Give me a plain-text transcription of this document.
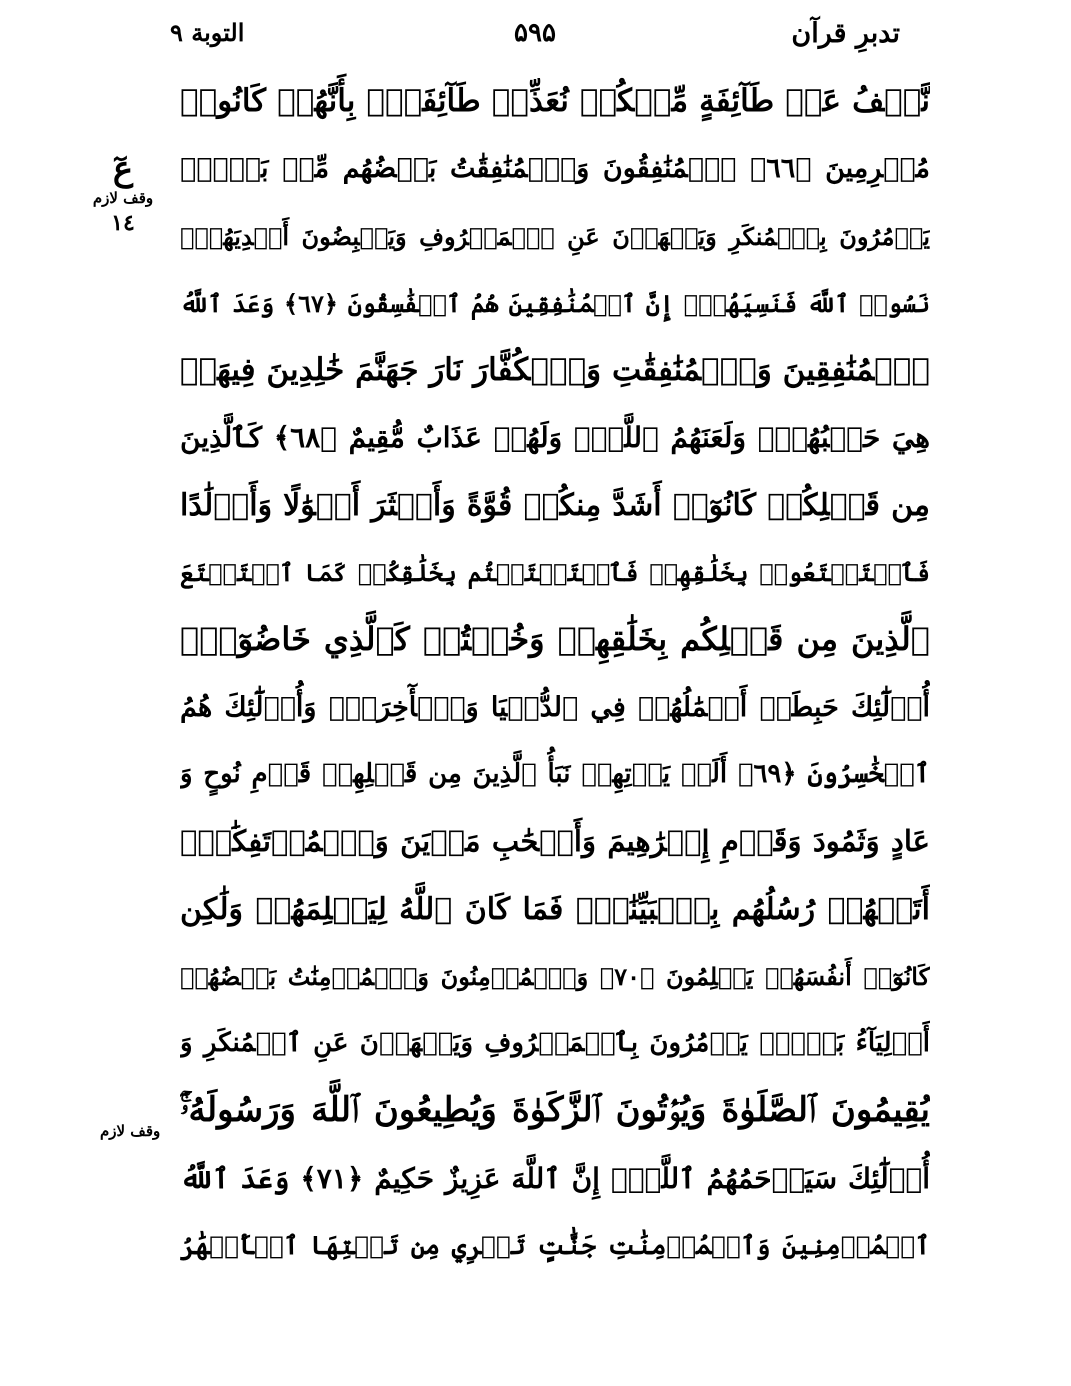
تدبرِ قرآن
۵۹۵
التوبة ٩
عٓ
وقف لازم
١٤
وقف لازم
نَّعۡفُ عَنۡ طَآئِفَةٍ مِّنۡكُمۡ نُعَذِّبۡ طَآئِفَةًۢ بِأَنَّهُمۡ كَانُوا۟
مُجۡرِمِينَ ﴿٦٦﴾ ٱلۡمُنَٰفِقُونَ وَٱلۡمُنَٰفِقَٰتُ بَعۡضُهُم مِّنۢ بَعۡضٍۚ
يَأۡمُرُونَ بِٱلۡمُنكَرِ وَيَنۡهَوۡنَ عَنِ ٱلۡمَعۡرُوفِ وَيَقۡبِضُونَ أَيۡدِيَهُمۡۚ
نَسُوا۟ ٱللَّهَ فَنَسِيَهُمۡۚ إِنَّ ٱلۡمُنَٰفِقِينَ هُمُ ٱلۡفَٰسِقُونَ ﴿٦٧﴾ وَعَدَ ٱللَّهُ
ٱلۡمُنَٰفِقِينَ وَٱلۡمُنَٰفِقَٰتِ وَٱلۡكُفَّارَ نَارَ جَهَنَّمَ خَٰلِدِينَ فِيهَاۚ
هِيَ حَسۡبُهُمۡۚ وَلَعَنَهُمُ ٱللَّهُۖ وَلَهُمۡ عَذَابٌ مُّقِيمٌ ﴿٦٨﴾ كَٱلَّذِينَ
مِن قَبۡلِكُمۡ كَانُوٓا۟ أَشَدَّ مِنكُمۡ قُوَّةً وَأَكۡثَرَ أَمۡوَٰلًا وَأَوۡلَٰدًا
فَٱسۡتَمۡتَعُوا۟ بِخَلَٰقِهِمۡ فَٱسۡتَمۡتَعۡتُم بِخَلَٰقِكُمۡ كَمَا ٱسۡتَمۡتَعَ
ٱلَّذِينَ مِن قَبۡلِكُم بِخَلَٰقِهِمۡ وَخُضۡتُمۡ كَٱلَّذِي خَاضُوٓا۟ۚ
أُو۟لَٰٓئِكَ حَبِطَتۡ أَعۡمَٰلُهُمۡ فِي ٱلدُّنۡيَا وَٱلۡأٓخِرَةِۖ وَأُو۟لَٰٓئِكَ هُمُ
ٱلۡخَٰسِرُونَ ﴿٦٩﴾ أَلَمۡ يَأۡتِهِمۡ نَبَأُ ٱلَّذِينَ مِن قَبۡلِهِمۡ قَوۡمِ نُوحٍ وَ
عَادٍ وَثَمُودَ وَقَوۡمِ إِبۡرَٰهِيمَ وَأَصۡحَٰبِ مَدۡيَنَ وَٱلۡمُؤۡتَفِكَٰتِۚ
أَتَتۡهُمۡ رُسُلُهُم بِٱلۡبَيِّنَٰتِۖ فَمَا كَانَ ٱللَّهُ لِيَظۡلِمَهُمۡ وَلَٰكِن
كَانُوٓا۟ أَنفُسَهُمۡ يَظۡلِمُونَ ﴿٧٠﴾ وَٱلۡمُؤۡمِنُونَ وَٱلۡمُؤۡمِنَٰتُ بَعۡضُهُمۡ
أَوۡلِيَآءُ بَعۡضٍۚ يَأۡمُرُونَ بِٱلۡمَعۡرُوفِ وَيَنۡهَوۡنَ عَنِ ٱلۡمُنكَرِ وَ
يُقِيمُونَ ٱلصَّلَوٰةَ وَيُؤۡتُونَ ٱلزَّكَوٰةَ وَيُطِيعُونَ ٱللَّهَ وَرَسُولَهُۥٓۚ
أُو۟لَٰٓئِكَ سَيَرۡحَمُهُمُ ٱللَّهُۗ إِنَّ ٱللَّهَ عَزِيزٌ حَكِيمٌ ﴿٧١﴾ وَعَدَ ٱللَّهُ
ٱلۡمُؤۡمِنِينَ وَٱلۡمُؤۡمِنَٰتِ جَنَّٰتٍ تَجۡرِي مِن تَحۡتِهَا ٱلۡأَنۡهَٰرُ
